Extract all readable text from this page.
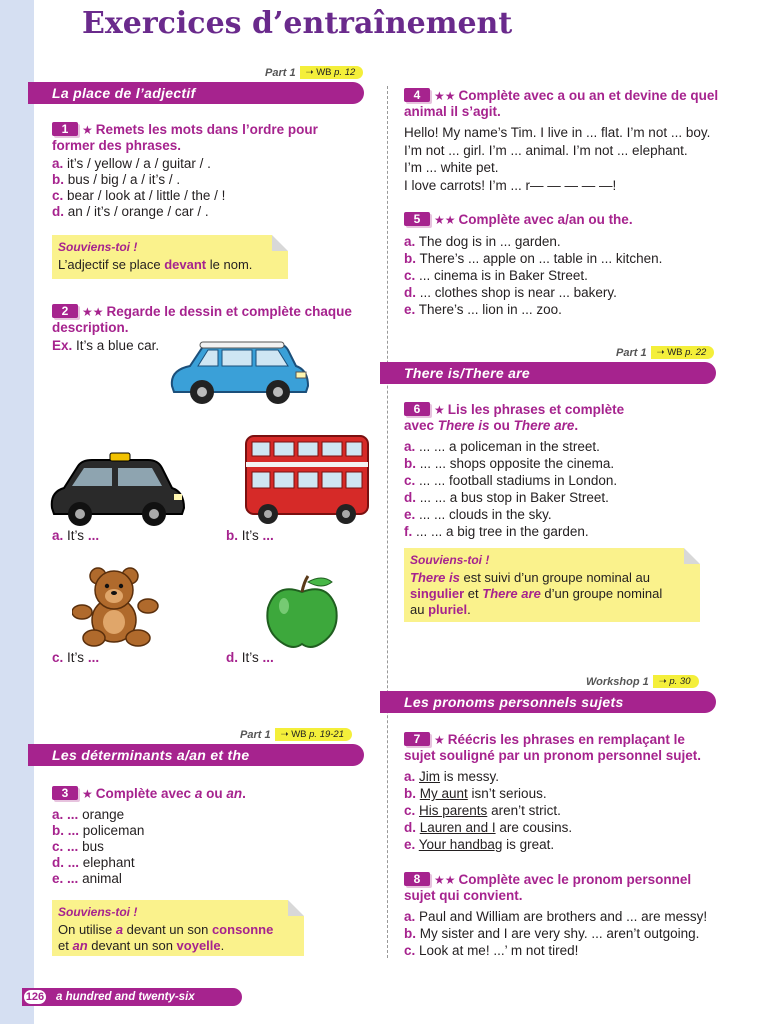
Exercices d’entraînement
Part 1	➝ WB p. 12
La place de l’adjectif
1 ★ Remets les mots dans l’ordre pour former des phrases.
a. it’s / yellow / a / guitar / .
b. bus / big / a / it’s / .
c. bear / look at / little / the / !
d. an / it’s / orange / car / .
Souviens-toi !
L’adjectif se place devant le nom.
2 ★★ Regarde le dessin et complète chaque description.
Ex. It’s a blue car.
a. It’s ...	b. It’s ...
c. It’s ...	d. It’s ...
Part 1	➝ WB p. 19-21
Les déterminants a/an et the
3 ★ Complète avec a ou an.
a. ... orange
b. ... policeman
c. ... bus
d. ... elephant
e. ... animal
Souviens-toi !
On utilise a devant un son consonne
et an devant un son voyelle.
4 ★★ Complète avec a ou an et devine de quel animal il s’agit.
Hello! My name’s Tim. I live in ... flat. I’m not ... boy.
I’m not ... girl. I’m ... animal. I’m not ... elephant.
I’m ... white pet.
I love carrots! I’m ... r— — — — —!
5 ★★ Complète avec a/an ou the.
a. The dog is in ... garden.
b. There’s ... apple on ... table in ... kitchen.
c. ... cinema is in Baker Street.
d. ... clothes shop is near ... bakery.
e. There’s ... lion in ... zoo.
Part 1	➝ WB p. 22
There is/There are
6 ★ Lis les phrases et complète
avec There is ou There are.
a. ... ... a policeman in the street.
b. ... ... shops opposite the cinema.
c. ... ... football stadiums in London.
d. ... ... a bus stop in Baker Street.
e. ... ... clouds in the sky.
f. ... ... a big tree in the garden.
Souviens-toi !
There is est suivi d’un groupe nominal au
singulier et There are d’un groupe nominal
au pluriel.
Workshop 1	➝ p. 30
Les pronoms personnels sujets
7 ★ Réécris les phrases en remplaçant le sujet souligné par un pronom personnel sujet.
a. Jim is messy.
b. My aunt isn’t serious.
c. His parents aren’t strict.
d. Lauren and I are cousins.
e. Your handbag is great.
8 ★★ Complète avec le pronom personnel sujet qui convient.
a. Paul and William are brothers and ... are messy!
b. My sister and I are very shy. ... aren’t outgoing.
c. Look at me! ...’ m not tired!
126	a hundred and twenty-six
